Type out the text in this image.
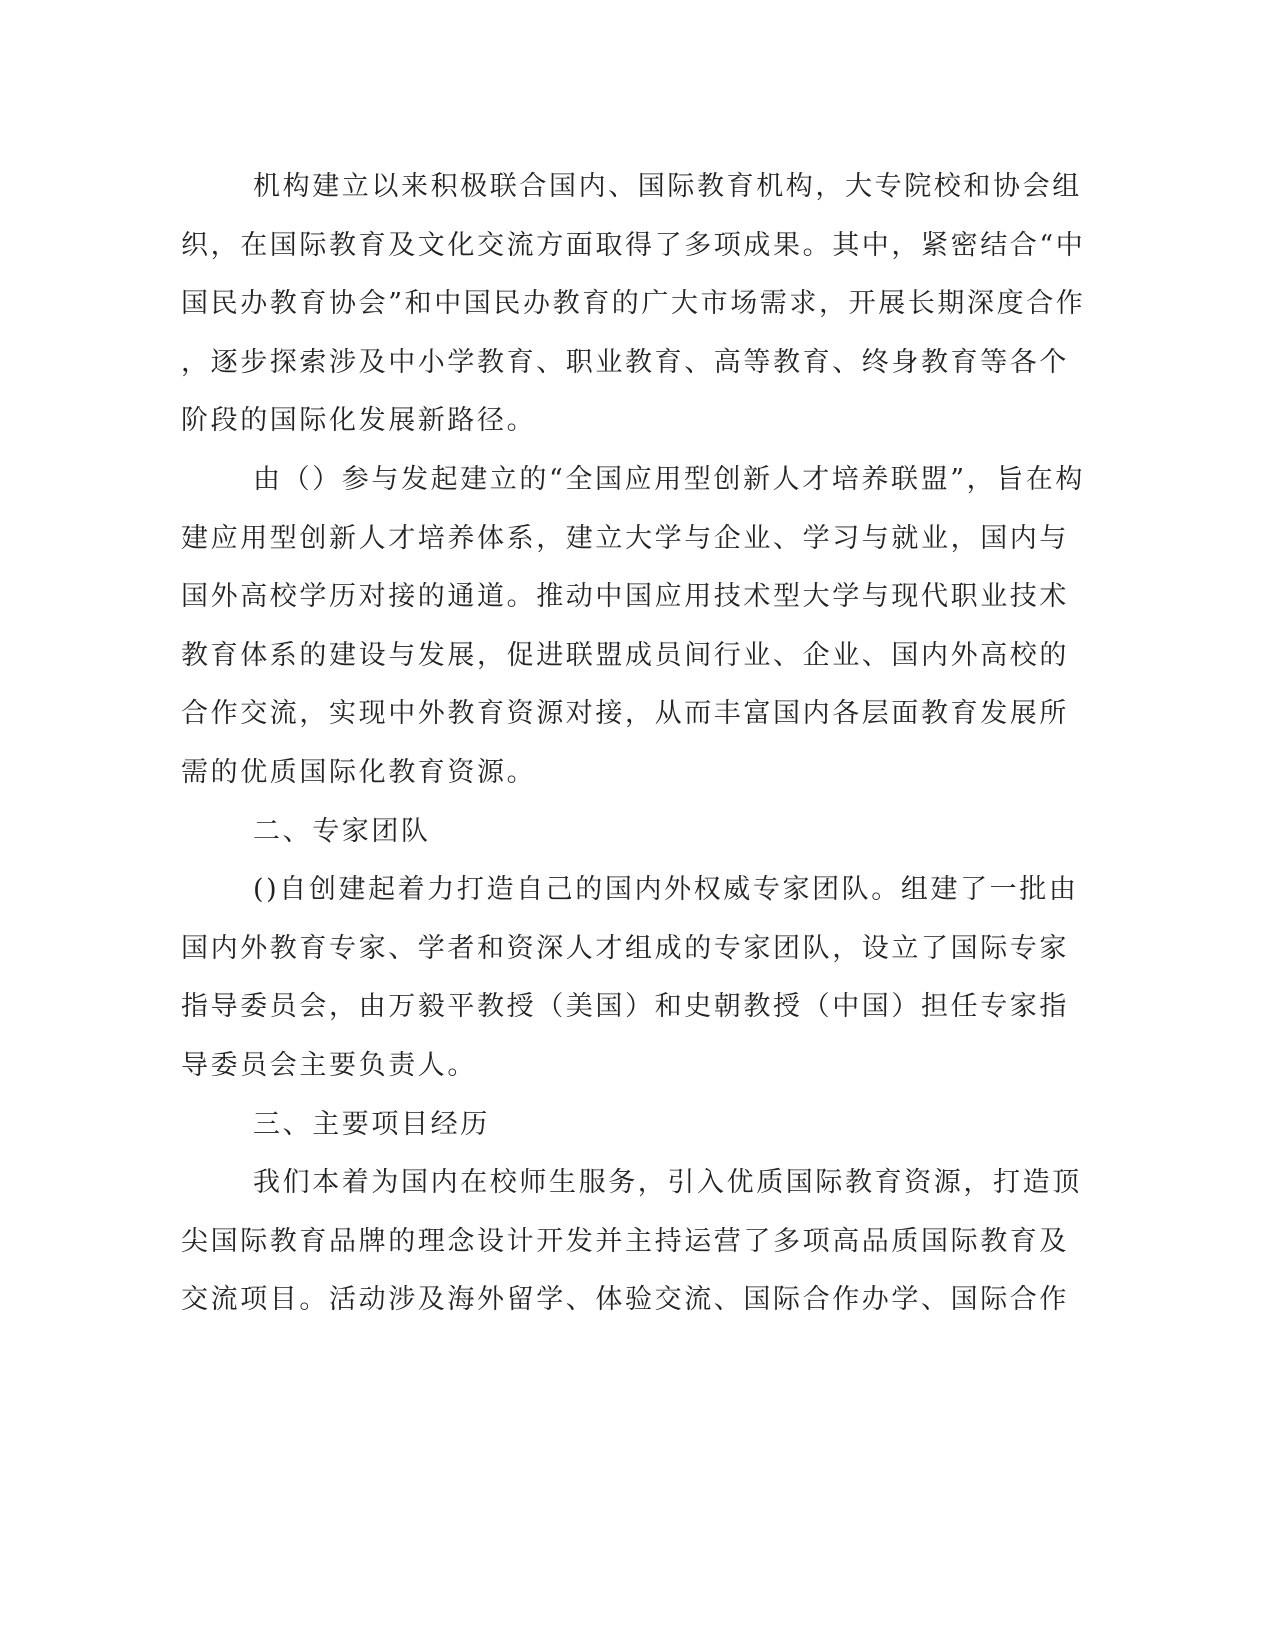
机构建立以来积极联合国内、国际教育机构，大专院校和协会组
织，在国际教育及文化交流方面取得了多项成果。其中，紧密结合“中
国民办教育协会”和中国民办教育的广大市场需求，开展长期深度合作
，逐步探索涉及中小学教育、职业教育、高等教育、终身教育等各个
阶段的国际化发展新路径。
由（）参与发起建立的“全国应用型创新人才培养联盟”，旨在构
建应用型创新人才培养体系，建立大学与企业、学习与就业，国内与
国外高校学历对接的通道。推动中国应用技术型大学与现代职业技术
教育体系的建设与发展，促进联盟成员间行业、企业、国内外高校的
合作交流，实现中外教育资源对接，从而丰富国内各层面教育发展所
需的优质国际化教育资源。
二、专家团队
()自创建起着力打造自己的国内外权威专家团队。组建了一批由
国内外教育专家、学者和资深人才组成的专家团队，设立了国际专家
指导委员会，由万毅平教授（美国）和史朝教授（中国）担任专家指
导委员会主要负责人。
三、主要项目经历
我们本着为国内在校师生服务，引入优质国际教育资源，打造顶
尖国际教育品牌的理念设计开发并主持运营了多项高品质国际教育及
交流项目。活动涉及海外留学、体验交流、国际合作办学、国际合作
